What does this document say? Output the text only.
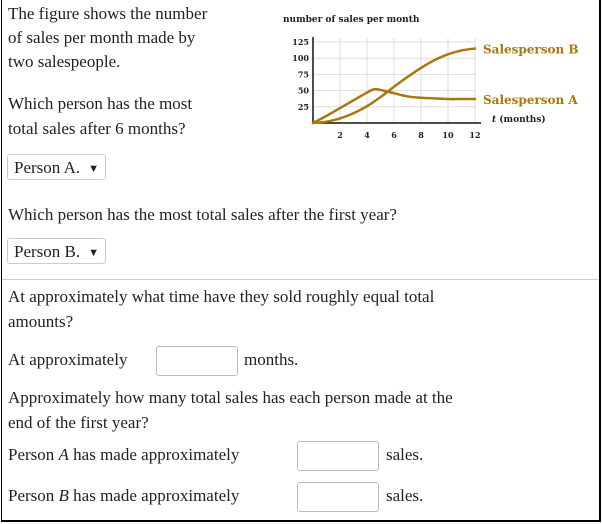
The figure shows the number
of sales per month made by
two salespeople.
Which person has the most
total sales after 6 months?
Person A. ▼
Which person has the most total sales after the first year?
Person B. ▼
At approximately what time have they sold roughly equal total
amounts?
At approximately	months.
Approximately how many total sales has each person made at the
end of the first year?
Person A has made approximately	sales.
Person B has made approximately	sales.
number of sales per month
2	4	6	8 10 12
25
50
75
100
125
t (months)
Salesperson A
Salesperson B
